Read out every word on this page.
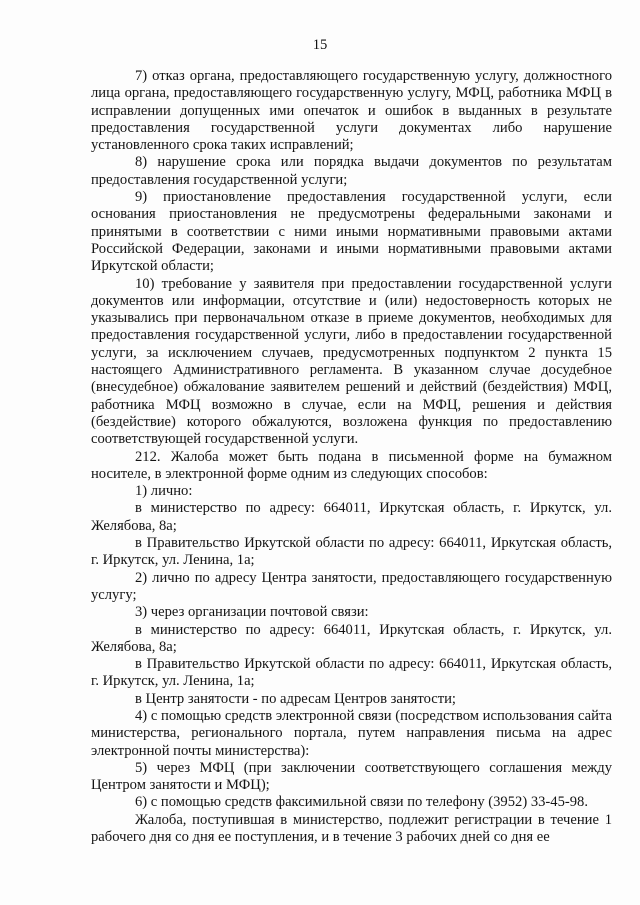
15

7) отказ органа, предоставляющего государственную услугу, должностного лица органа, предоставляющего государственную услугу, МФЦ, работника МФЦ в исправлении допущенных ими опечаток и ошибок в выданных в результате предоставления государственной услуги документах либо нарушение установленного срока таких исправлений;

8) нарушение срока или порядка выдачи документов по результатам предоставления государственной услуги;

9) приостановление предоставления государственной услуги, если основания приостановления не предусмотрены федеральными законами и принятыми в соответствии с ними иными нормативными правовыми актами Российской Федерации, законами и иными нормативными правовыми актами Иркутской области;

10) требование у заявителя при предоставлении государственной услуги документов или информации, отсутствие и (или) недостоверность которых не указывались при первоначальном отказе в приеме документов, необходимых для предоставления государственной услуги, либо в предоставлении государственной услуги, за исключением случаев, предусмотренных подпунктом 2 пункта 15 настоящего Административного регламента. В указанном случае досудебное (внесудебное) обжалование заявителем решений и действий (бездействия) МФЦ, работника МФЦ возможно в случае, если на МФЦ, решения и действия (бездействие) которого обжалуются, возложена функция по предоставлению соответствующей государственной услуги.

212. Жалоба может быть подана в письменной форме на бумажном носителе, в электронной форме одним из следующих способов:

1) лично:

в министерство по адресу: 664011, Иркутская область, г. Иркутск, ул. Желябова, 8а;

в Правительство Иркутской области по адресу: 664011, Иркутская область, г. Иркутск, ул. Ленина, 1а;

2) лично по адресу Центра занятости, предоставляющего государственную услугу;

3) через организации почтовой связи:

в министерство по адресу: 664011, Иркутская область, г. Иркутск, ул. Желябова, 8а;

в Правительство Иркутской области по адресу: 664011, Иркутская область, г. Иркутск, ул. Ленина, 1а;

в Центр занятости - по адресам Центров занятости;

4) с помощью средств электронной связи (посредством использования сайта министерства, регионального портала, путем направления письма на адрес электронной почты министерства):

5) через МФЦ (при заключении соответствующего соглашения между Центром занятости и МФЦ);

6) с помощью средств факсимильной связи по телефону (3952) 33-45-98.

Жалоба, поступившая в министерство, подлежит регистрации в течение 1 рабочего дня со дня ее поступления, и в течение 3 рабочих дней со дня ее
